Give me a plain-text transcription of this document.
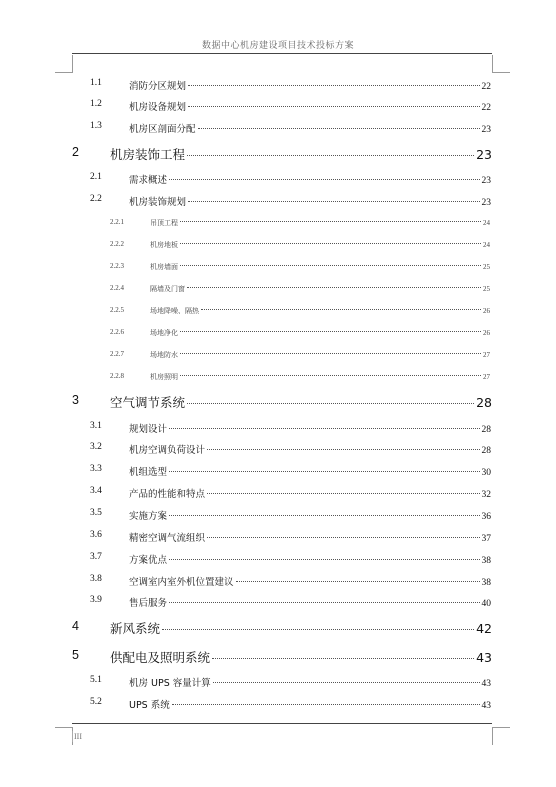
数据中心机房建设项目技术投标方案
1.1	消防分区规划	22
1.2	机房设备规划	22
1.3	机房区剖面分配	23
2 机房装饰工程	23
2.1	需求概述	23
2.2	机房装饰规划	23
2.2.1	吊顶工程	24
2.2.2	机房地板	24
2.2.3	机房墙面	25
2.2.4	隔墙及门窗	25
2.2.5	场地降噪、隔热	26
2.2.6	场地净化	26
2.2.7	场地防水	27
2.2.8	机房照明	27
3 空气调节系统	28
3.1	规划设计	28
3.2	机房空调负荷设计	28
3.3	机组选型	30
3.4	产品的性能和特点	32
3.5	实施方案	36
3.6	精密空调气流组织	37
3.7	方案优点	38
3.8	空调室内室外机位置建议	38
3.9	售后服务	40
4 新风系统	42
5 供配电及照明系统	43
5.1	机房 UPS 容量计算	43
5.2	UPS 系统	43
III
